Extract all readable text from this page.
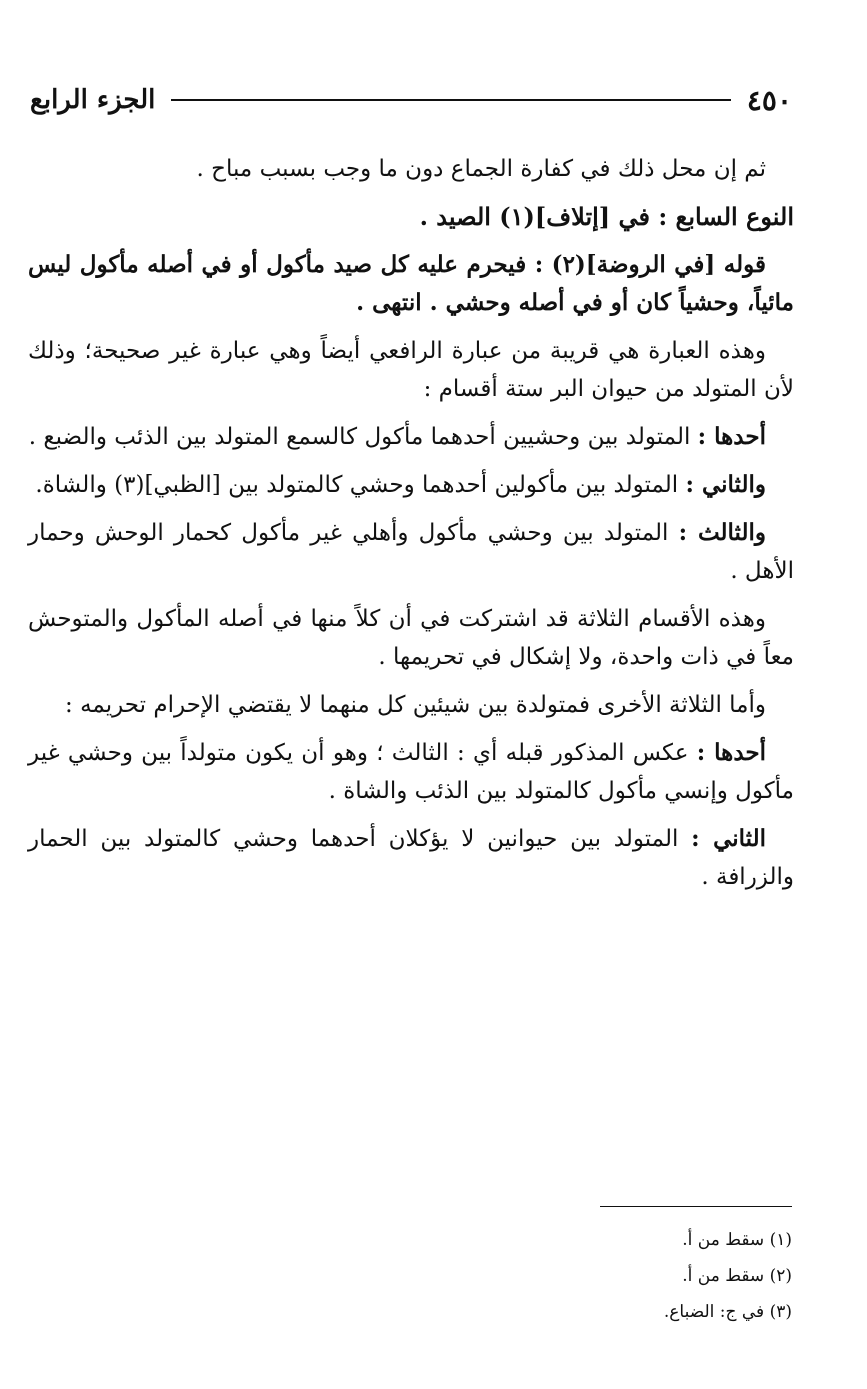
٤٥٠
الجزء الرابع

ثم إن محل ذلك في كفارة الجماع دون ما وجب بسبب مباح .

النوع السابع : في [إتلاف](١) الصيد .

قوله [في الروضة](٢) : فيحرم عليه كل صيد مأكول أو في أصله مأكول ليس مائياً، وحشياً كان أو في أصله وحشي . انتهى .

وهذه العبارة هي قريبة من عبارة الرافعي أيضاً وهي عبارة غير صحيحة؛ وذلك لأن المتولد من حيوان البر ستة أقسام :

أحدها : المتولد بين وحشيين أحدهما مأكول كالسمع المتولد بين الذئب والضبع .

والثاني : المتولد بين مأكولين أحدهما وحشي كالمتولد بين [الظبي](٣) والشاة.

والثالث : المتولد بين وحشي مأكول وأهلي غير مأكول كحمار الوحش وحمار الأهل .

وهذه الأقسام الثلاثة قد اشتركت في أن كلاً منها في أصله المأكول والمتوحش معاً في ذات واحدة، ولا إشكال في تحريمها .

وأما الثلاثة الأخرى فمتولدة بين شيئين كل منهما لا يقتضي الإحرام تحريمه :

أحدها : عكس المذكور قبله أي : الثالث ؛ وهو أن يكون متولداً بين وحشي غير مأكول وإنسي مأكول كالمتولد بين الذئب والشاة .

الثاني : المتولد بين حيوانين لا يؤكلان أحدهما وحشي كالمتولد بين الحمار والزرافة .

(١) سقط من أ.
(٢) سقط من أ.
(٣) في ج: الضباع.
